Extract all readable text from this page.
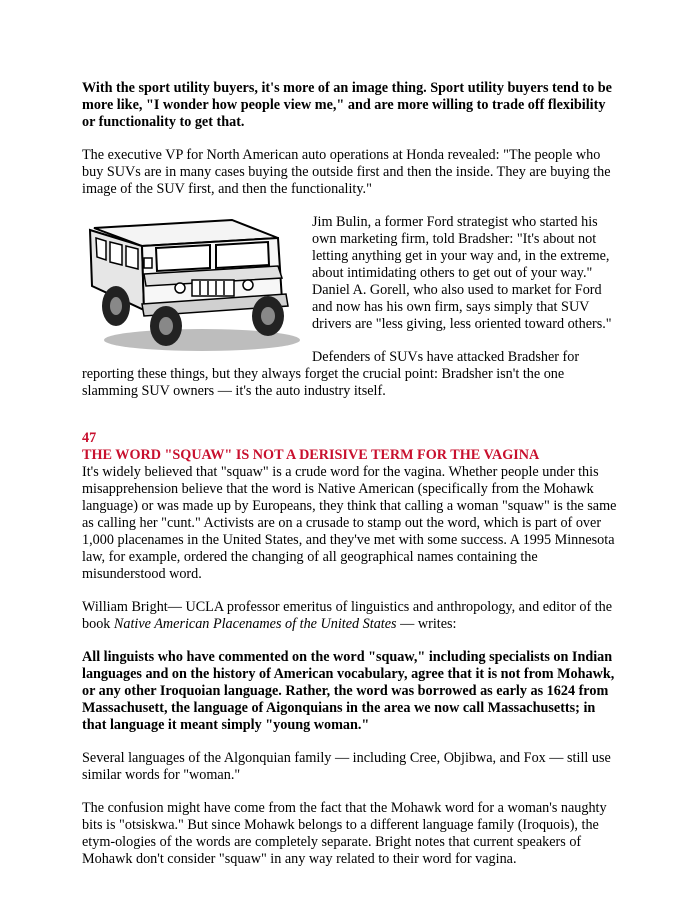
With the sport utility buyers, it's more of an image thing. Sport utility buyers tend to be more like, "I wonder how people view me," and are more willing to trade off flexibility or functionality to get that.

The executive VP for North American auto operations at Honda revealed: "The people who buy SUVs are in many cases buying the outside first and then the inside. They are buying the image of the SUV first, and then the functionality."

Jim Bulin, a former Ford strategist who started his own marketing firm, told Bradsher: "It's about not letting anything get in your way and, in the extreme, about intimidating others to get out of your way." Daniel A. Gorell, who also used to market for Ford and now has his own firm, says simply that SUV drivers are "less giving, less oriented toward others."

Defenders of SUVs have attacked Bradsher for reporting these things, but they always forget the crucial point: Bradsher isn't the one slamming SUV owners — it's the auto industry itself.

47

THE WORD "SQUAW" IS NOT A DERISIVE TERM FOR THE VAGINA

It's widely believed that "squaw" is a crude word for the vagina. Whether people under this misapprehension believe that the word is Native American (specifically from the Mohawk language) or was made up by Europeans, they think that calling a woman "squaw" is the same as calling her "cunt." Activists are on a crusade to stamp out the word, which is part of over 1,000 placenames in the United States, and they've met with some success. A 1995 Minnesota law, for example, ordered the changing of all geographical names containing the misunderstood word.

William Bright— UCLA professor emeritus of linguistics and anthropology, and editor of the book Native American Placenames of the United States — writes:

All linguists who have commented on the word "squaw," including specialists on Indian languages and on the history of American vocabulary, agree that it is not from Mohawk, or any other Iroquoian language. Rather, the word was borrowed as early as 1624 from Massachusett, the language of Aigonquians in the area we now call Massachusetts; in that language it meant simply "young woman."

Several languages of the Algonquian family — including Cree, Objibwa, and Fox — still use similar words for "woman."

The confusion might have come from the fact that the Mohawk word for a woman's naughty bits is "otsiskwa." But since Mohawk belongs to a different language family (Iroquois), the etym-ologies of the words are completely separate. Bright notes that current speakers of Mohawk don't consider "squaw" in any way related to their word for vagina.
